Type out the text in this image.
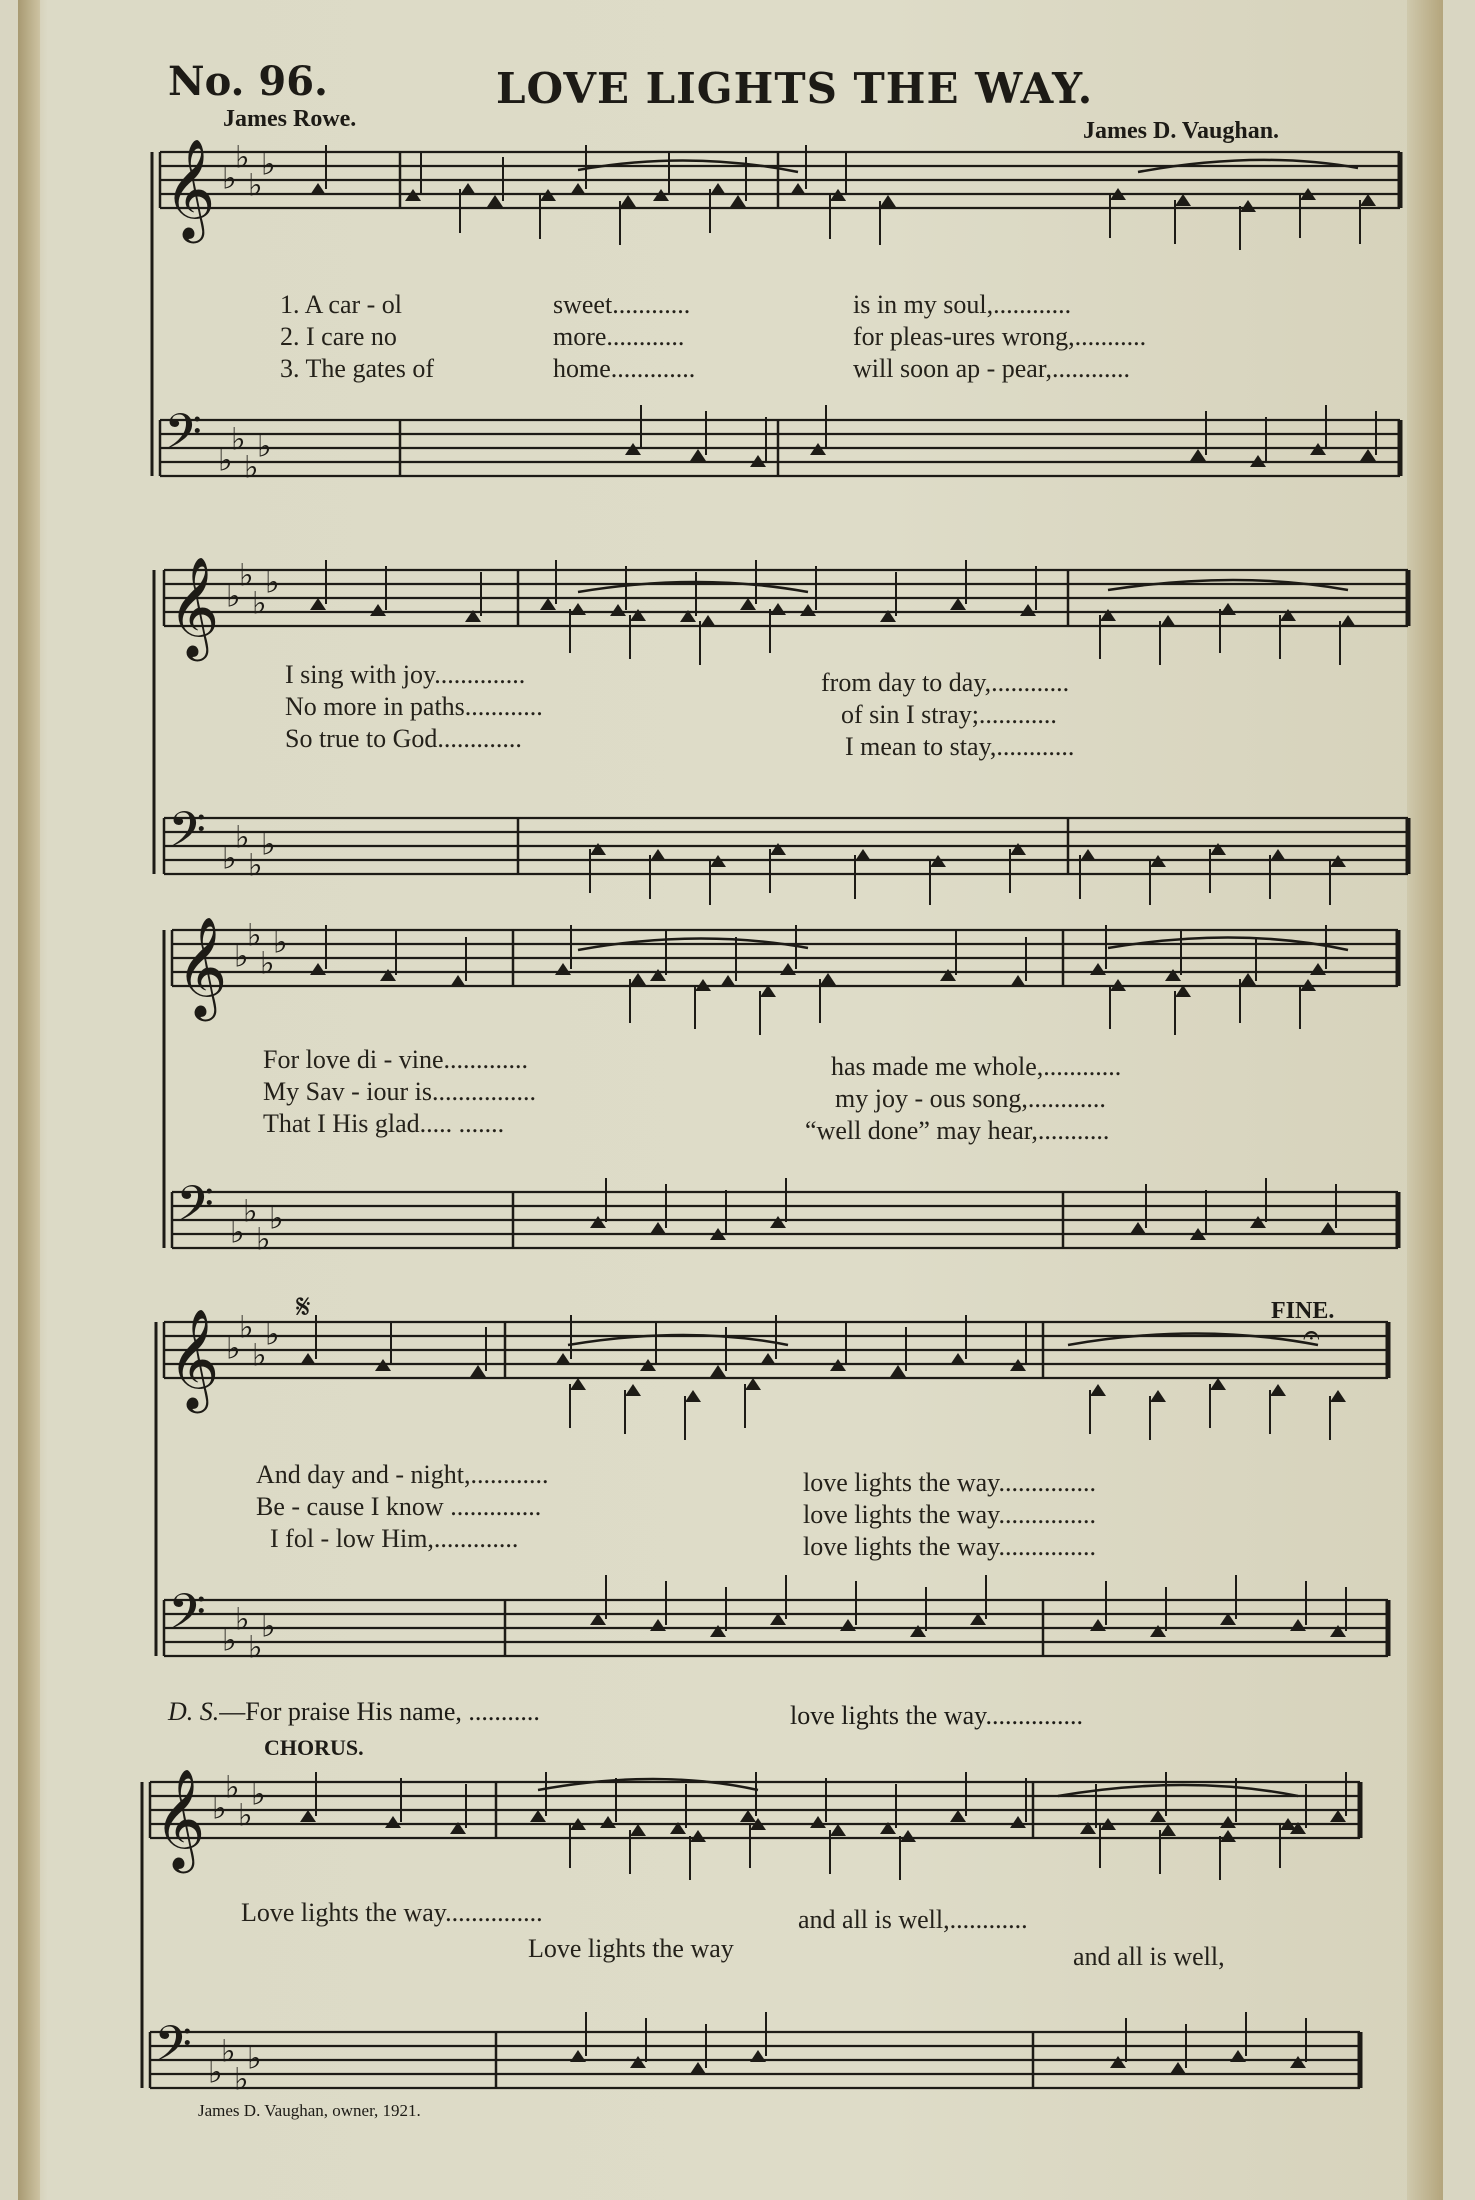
No. 96.	LOVE LIGHTS THE WAY.
James Rowe.	James D. Vaughan.
1. A car - ol	sweet............	is in my soul,............
2. I care no	more............	for pleas-ures wrong,...........
3. The gates of	home.............	will soon ap - pear,............
I sing with joy..............	from day to day,............
No more in paths............	of sin I stray;............
So true to God.............	I mean to stay,............
For love di - vine.............	has made me whole,............
My Sav - iour is................	my joy - ous song,............
That I His glad..... .......	“well done” may hear,...........
FINE.
And day and - night,............	love lights the way...............
Be - cause I know ..............	love lights the way...............
I fol - low Him,.............	love lights the way...............
D. S.—For praise His name, ...........	love lights the way...............
CHORUS.
Love lights the way...............	and all is well,............
Love lights the way	and all is well,
James D. Vaughan, owner, 1921.
𝄞 ♭
♭
♭
♭
𝄢 ♭
♭
♭
♭
𝄞 ♭
♭
♭
♭
𝄢 ♭
♭
♭
♭
𝄞 ♭
♭
♭
♭
𝄢 ♭
♭
♭
♭
𝄞 ♭
♭
♭
♭
𝄢 ♭
♭
♭
♭
𝄋
𝄐
𝄞 ♭
♭
♭
♭
𝄢 ♭
♭
♭
♭
